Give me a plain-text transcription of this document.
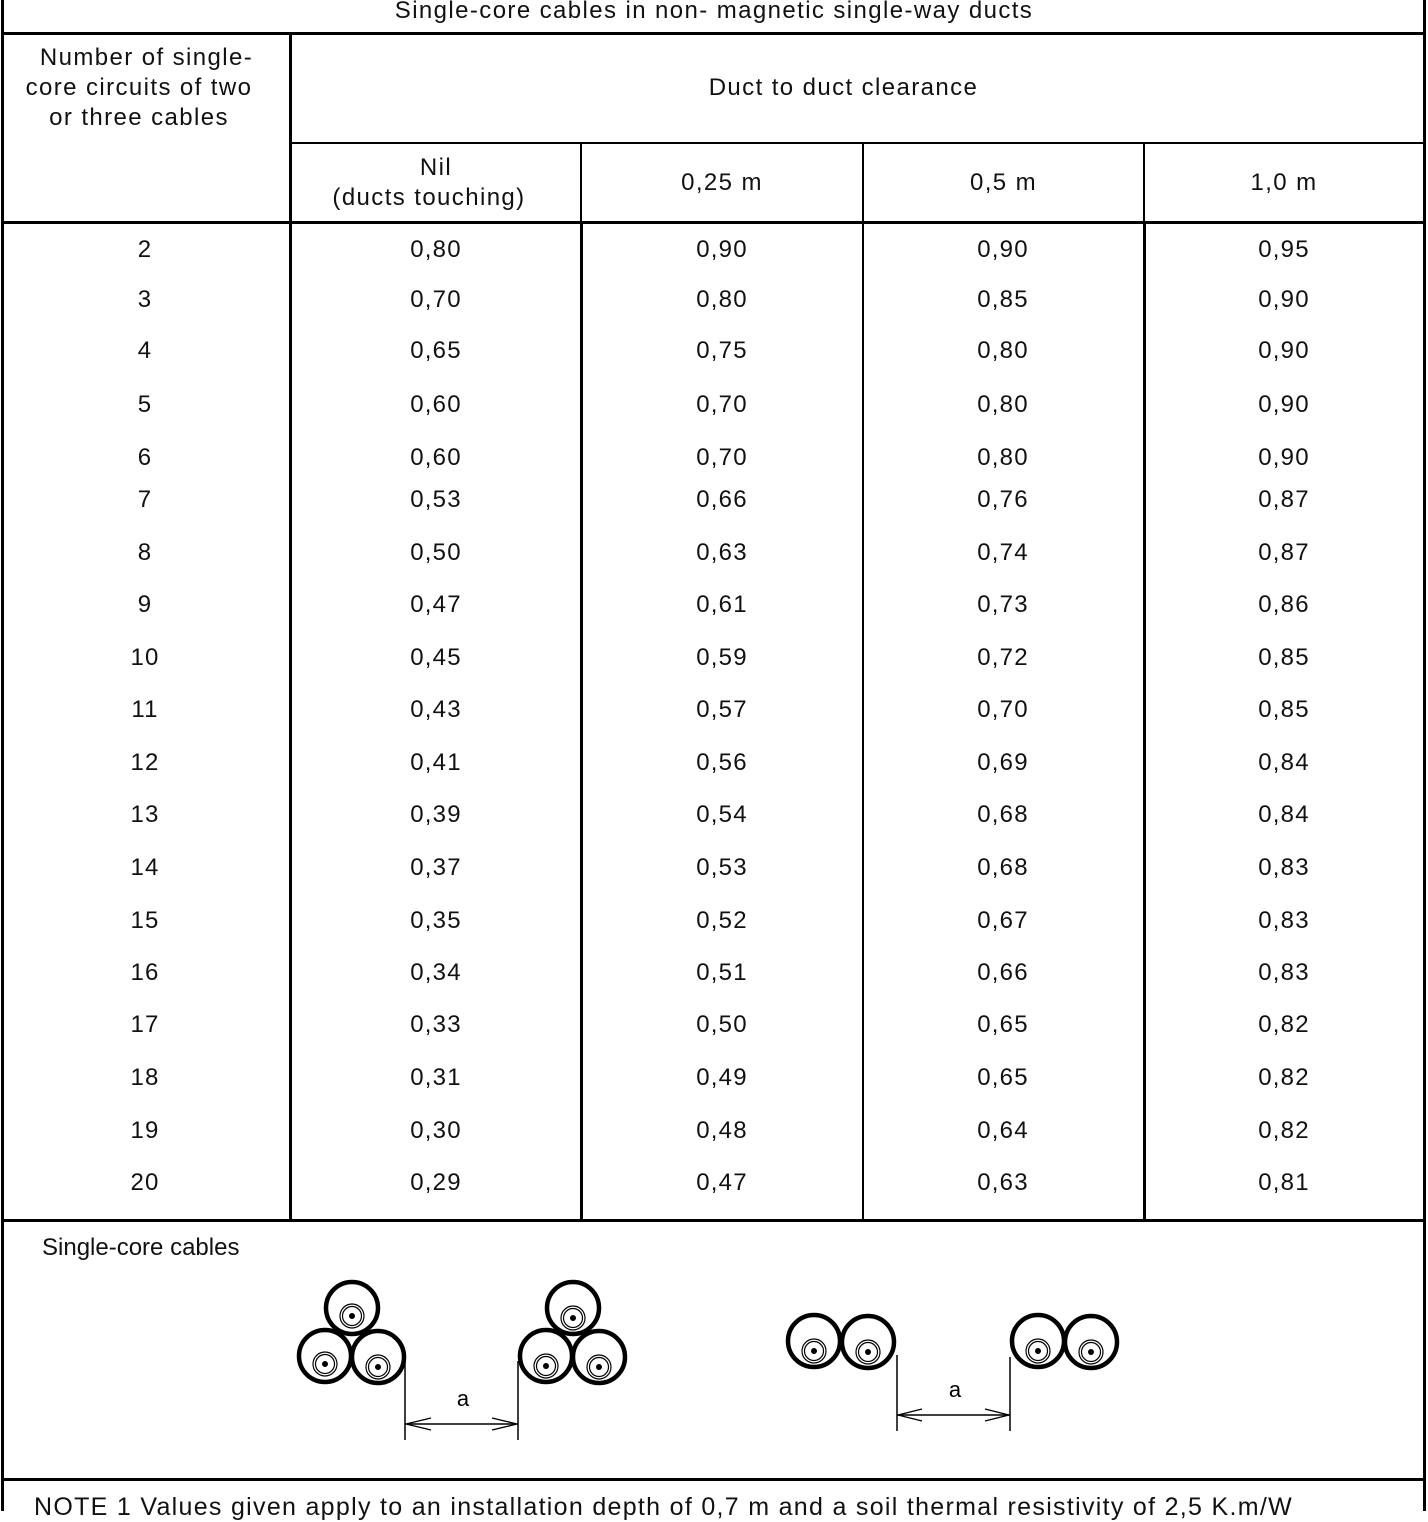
Single-core cables in non- magnetic single-way ducts
Number of single-
core circuits of two
or three cables
Duct to duct clearance
Nil
(ducts touching)
0,25 m	0,5 m	1,0 m
2	0,80	0,90	0,90	0,95
3	0,70	0,80	0,85	0,90
4	0,65	0,75	0,80	0,90
5	0,60	0,70	0,80	0,90
6	0,60	0,70	0,80	0,90
7	0,53	0,66	0,76	0,87
8	0,50	0,63	0,74	0,87
9	0,47	0,61	0,73	0,86
10	0,45	0,59	0,72	0,85
11	0,43	0,57	0,70	0,85
12	0,41	0,56	0,69	0,84
13	0,39	0,54	0,68	0,84
14	0,37	0,53	0,68	0,83
15	0,35	0,52	0,67	0,83
16	0,34	0,51	0,66	0,83
17	0,33	0,50	0,65	0,82
18	0,31	0,49	0,65	0,82
19	0,30	0,48	0,64	0,82
20	0,29	0,47	0,63	0,81
Single-core cables
a	a
NOTE 1 Values given apply to an installation depth of 0,7 m and a soil thermal resistivity of 2,5 K.m/W
